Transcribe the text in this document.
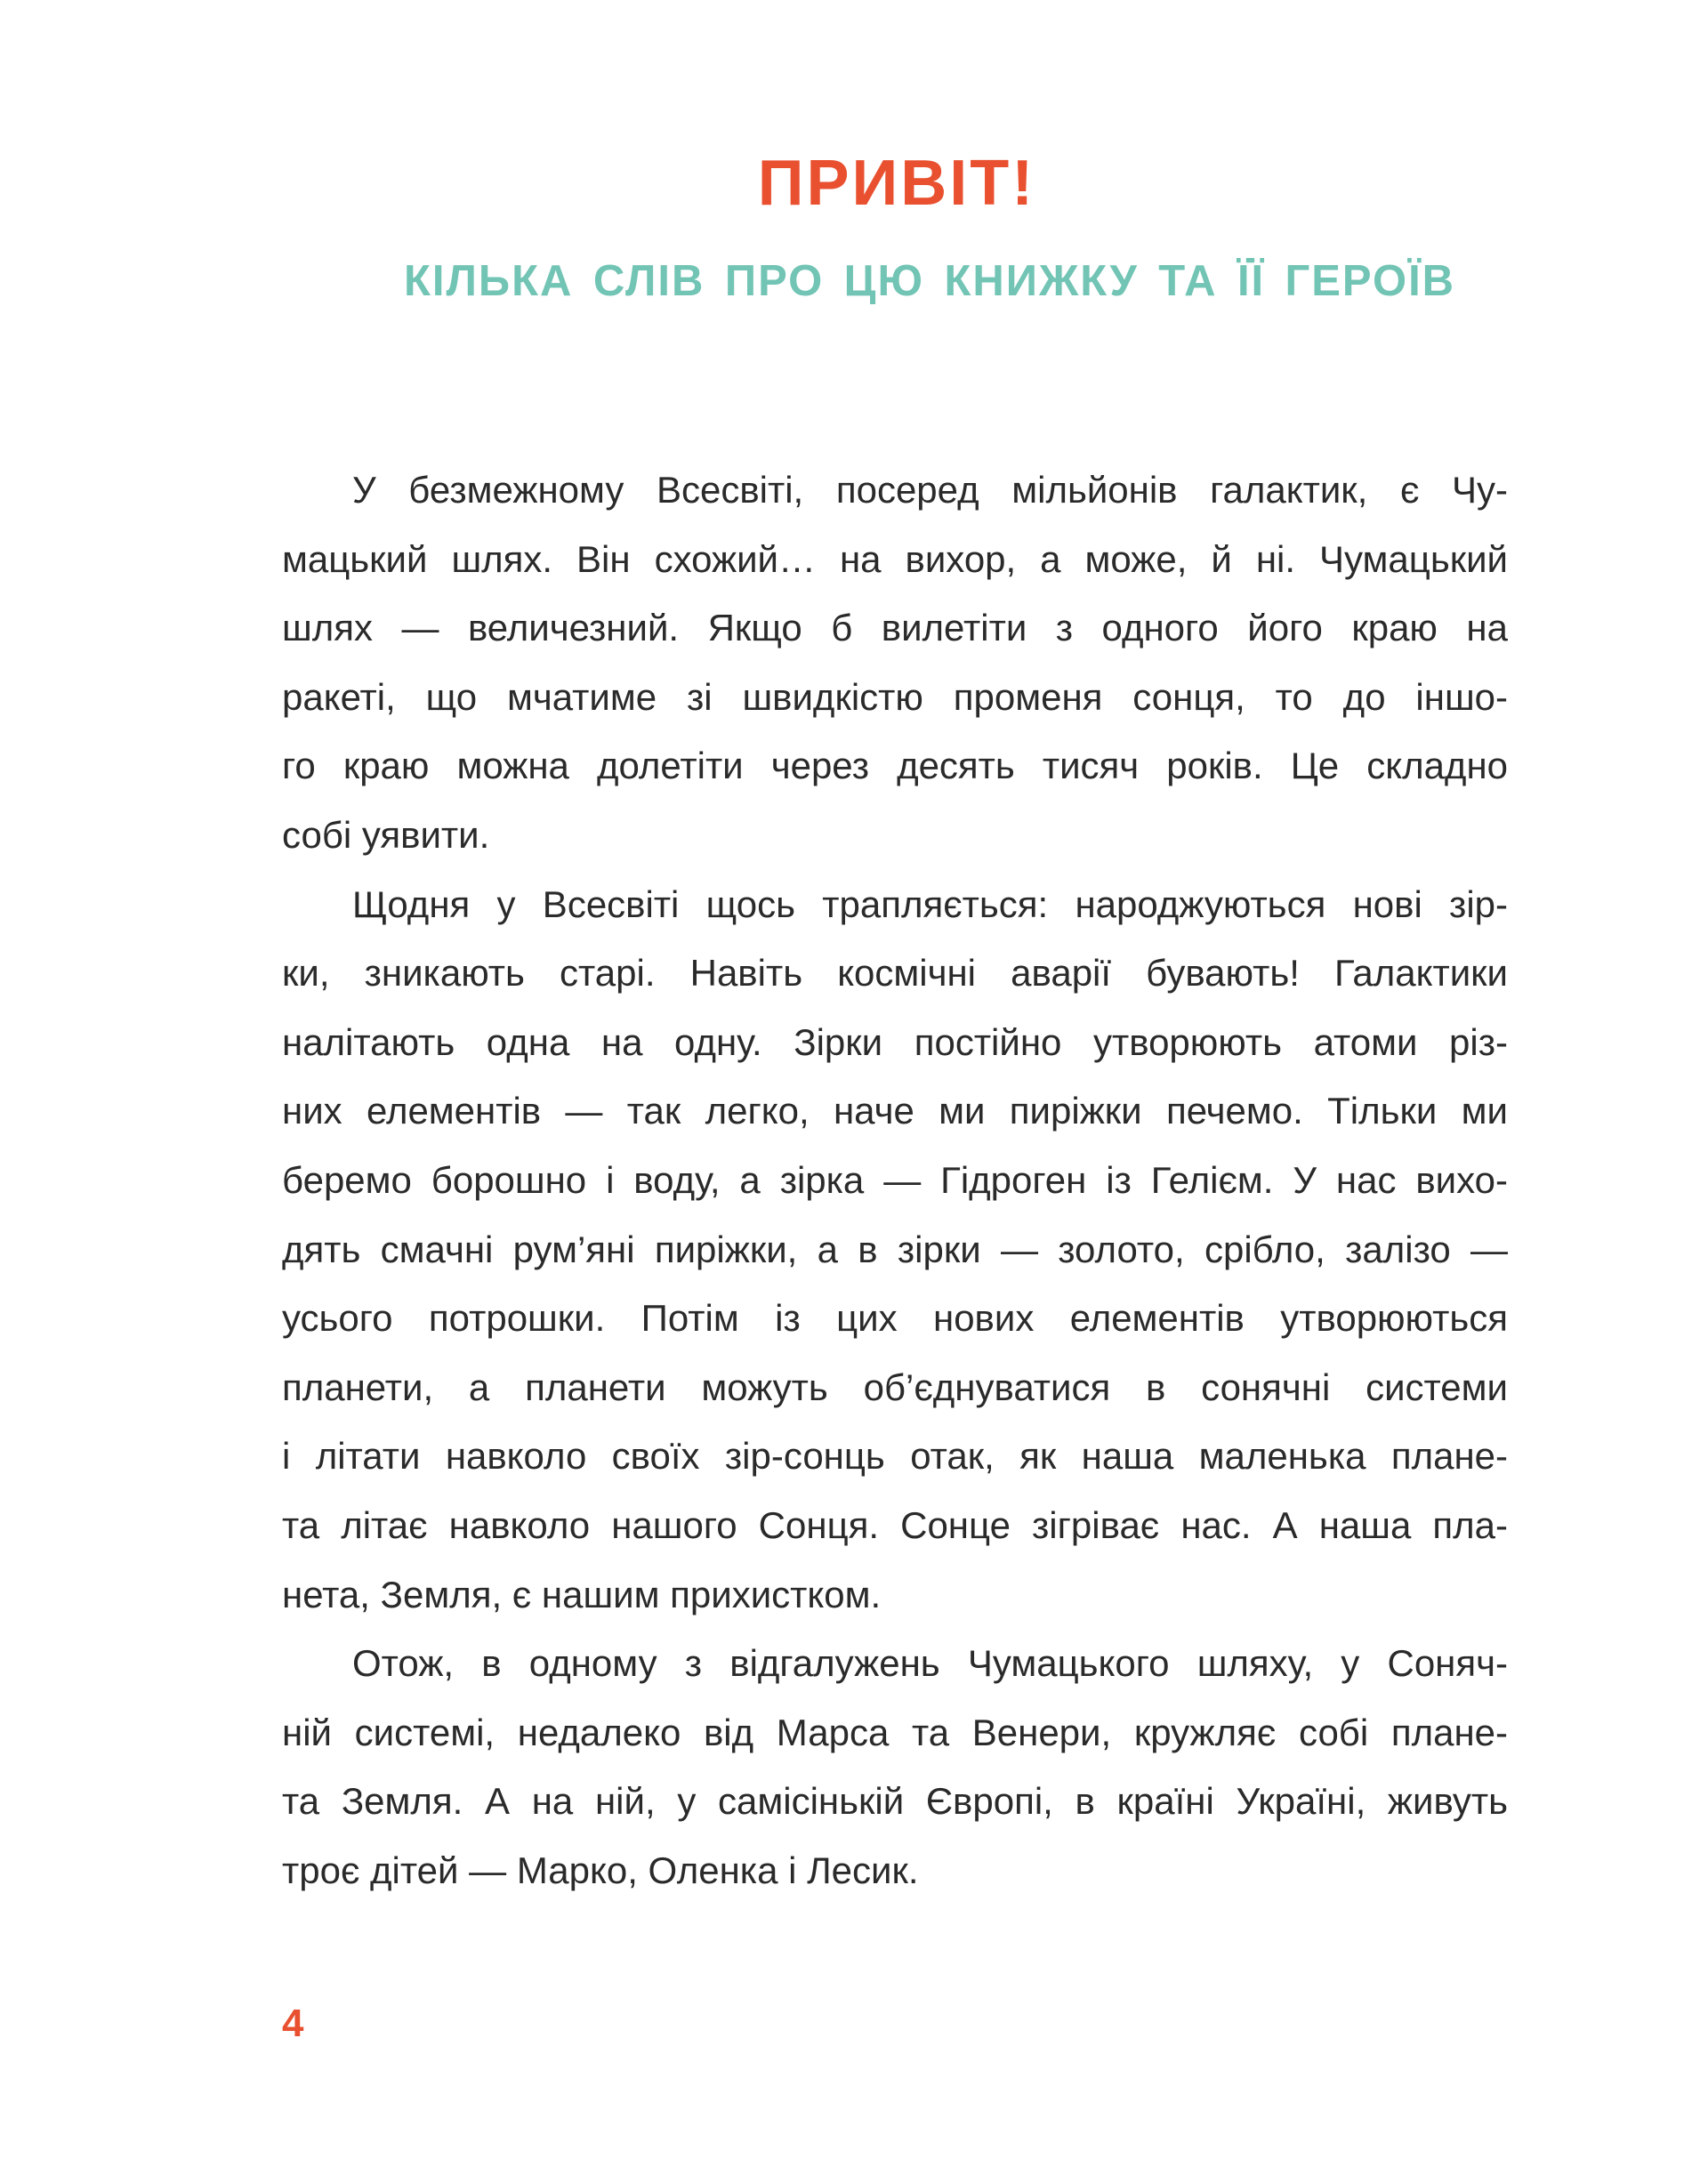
ПРИВІТ!
КІЛЬКА СЛІВ ПРО ЦЮ КНИЖКУ ТА ЇЇ ГЕРОЇВ
У безмежному Всесвіті, посеред мільйонів галактик, є Чу-
мацький шлях. Він схожий… на вихор, а може, й ні. Чумацький
шлях — величезний. Якщо б вилетіти з одного його краю на
ракеті, що мчатиме зі швидкістю променя сонця, то до іншо-
го краю можна долетіти через десять тисяч років. Це складно
собі уявити.
Щодня у Всесвіті щось трапляється: народжуються нові зір-
ки, зникають старі. Навіть космічні аварії бувають! Галактики
налітають одна на одну. Зірки постійно утворюють атоми різ-
них елементів — так легко, наче ми пиріжки печемо. Тільки ми
беремо борошно і воду, а зірка — Гідроген із Гелієм. У нас вихо-
дять смачні рум’яні пиріжки, а в зірки — золото, срібло, залізо —
усього потрошки. Потім із цих нових елементів утворюються
планети, а планети можуть об’єднуватися в сонячні системи
і літати навколо своїх зір-сонць отак, як наша маленька плане-
та літає навколо нашого Сонця. Сонце зігріває нас. А наша пла-
нета, Земля, є нашим прихистком.
Отож, в одному з відгалужень Чумацького шляху, у Соняч-
ній системі, недалеко від Марса та Венери, кружляє собі плане-
та Земля. А на ній, у самісінькій Європі, в країні Україні, живуть
троє дітей — Марко, Оленка і Лесик.
4
